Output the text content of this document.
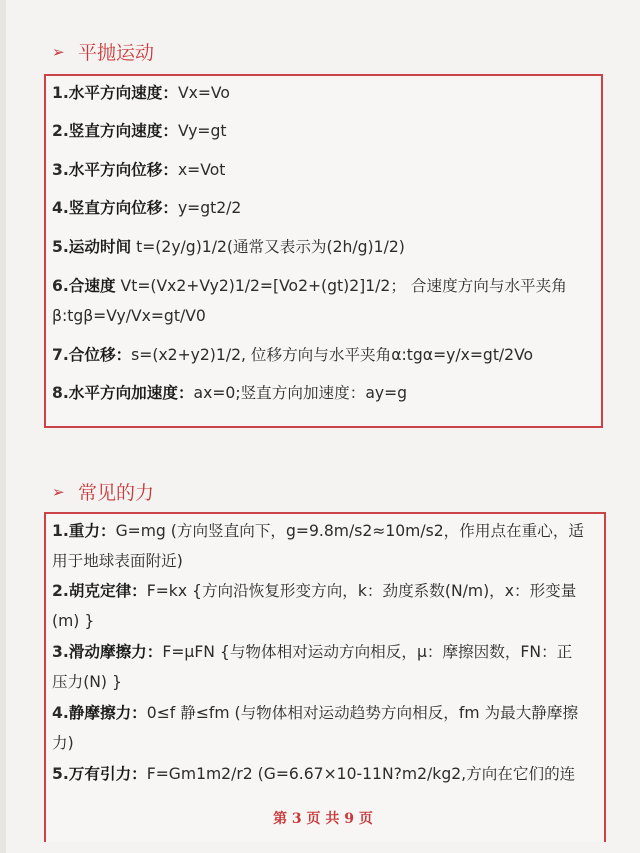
➢ 平抛运动
1.水平方向速度：Vx=Vo
2.竖直方向速度：Vy=gt
3.水平方向位移：x=Vot
4.竖直方向位移：y=gt2/2
5.运动时间 t=(2y/g)1/2(通常又表示为(2h/g)1/2)
6.合速度 Vt=(Vx2+Vy2)1/2=[Vo2+(gt)2]1/2； 合速度方向与水平夹角
β:tgβ=Vy/Vx=gt/V0
7.合位移：s=(x2+y2)1/2, 位移方向与水平夹角α:tgα=y/x=gt/2Vo
8.水平方向加速度：ax=0;竖直方向加速度：ay=g
➢ 常见的力
1.重力：G=mg (方向竖直向下，g=9.8m/s2≈10m/s2，作用点在重心，适
用于地球表面附近)
2.胡克定律：F=kx {方向沿恢复形变方向，k：劲度系数(N/m)，x：形变量
(m) }
3.滑动摩擦力：F=μFN {与物体相对运动方向相反，μ：摩擦因数，FN：正
压力(N) }
4.静摩擦力：0≤f 静≤fm (与物体相对运动趋势方向相反，fm 为最大静摩擦
力)
5.万有引力：F=Gm1m2/r2 (G=6.67×10-11N?m2/kg2,方向在它们的连
第 3 页 共 9 页
